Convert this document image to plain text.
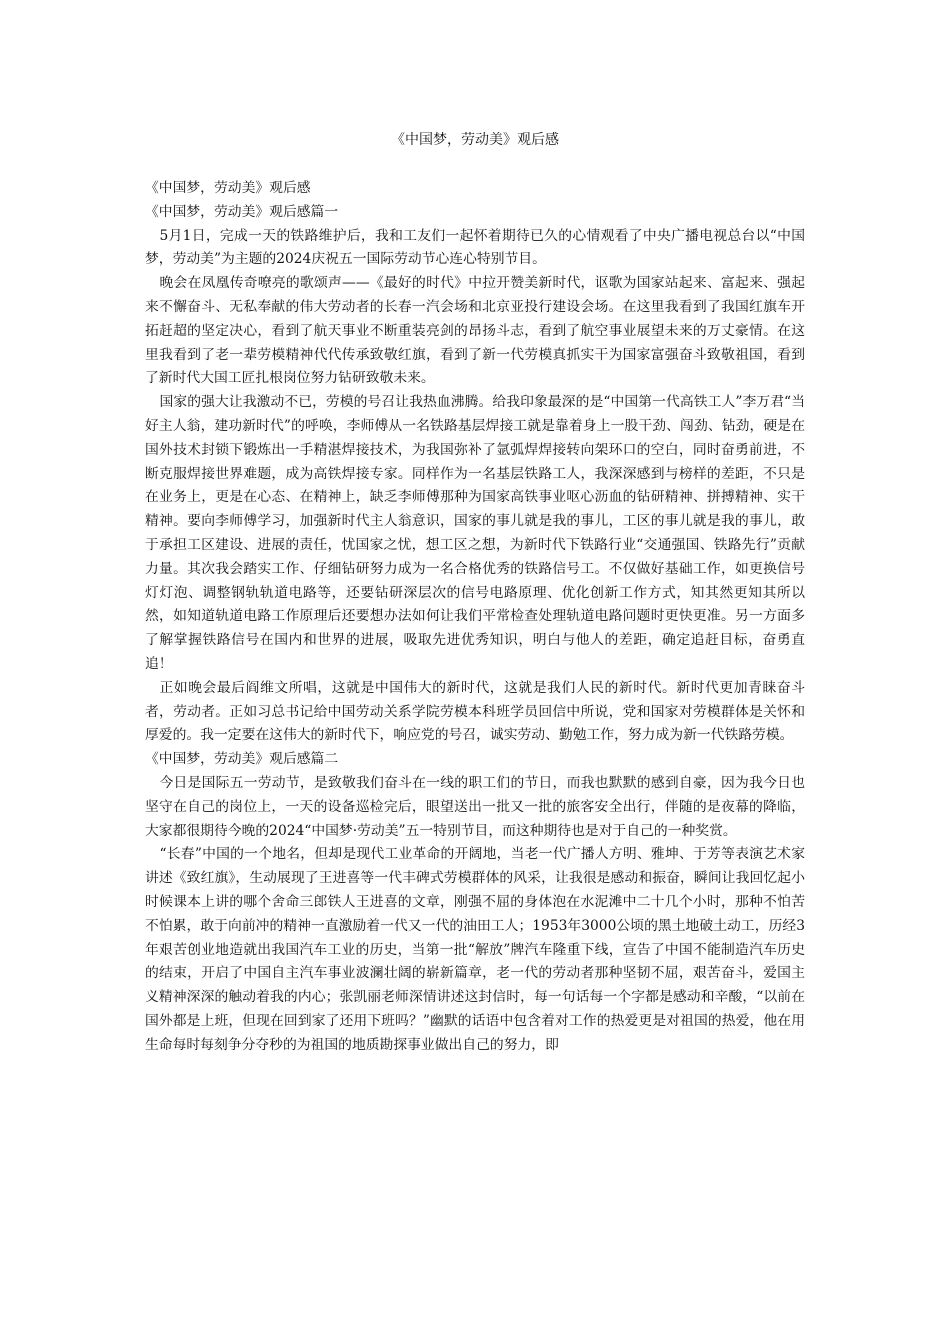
《中国梦，劳动美》观后感

《中国梦，劳动美》观后感

《中国梦，劳动美》观后感篇一

5月1日，完成一天的铁路维护后，我和工友们一起怀着期待已久的心情观看了中央广播电视总台以“中国梦，劳动美”为主题的2024庆祝五一国际劳动节心连心特别节目。

晚会在凤凰传奇嘹亮的歌颂声——《最好的时代》中拉开赞美新时代，讴歌为国家站起来、富起来、强起来不懈奋斗、无私奉献的伟大劳动者的长春一汽会场和北京亚投行建设会场。在这里我看到了我国红旗车开拓赶超的坚定决心，看到了航天事业不断重装亮剑的昂扬斗志，看到了航空事业展望未来的万丈豪情。在这里我看到了老一辈劳模精神代代传承致敬红旗，看到了新一代劳模真抓实干为国家富强奋斗致敬祖国，看到了新时代大国工匠扎根岗位努力钻研致敬未来。

国家的强大让我激动不已，劳模的号召让我热血沸腾。给我印象最深的是“中国第一代高铁工人”李万君“当好主人翁，建功新时代”的呼唤，李师傅从一名铁路基层焊接工就是靠着身上一股干劲、闯劲、钻劲，硬是在国外技术封锁下锻炼出一手精湛焊接技术，为我国弥补了氩弧焊焊接转向架环口的空白，同时奋勇前进，不断克服焊接世界难题，成为高铁焊接专家。同样作为一名基层铁路工人，我深深感到与榜样的差距，不只是在业务上，更是在心态、在精神上，缺乏李师傅那种为国家高铁事业呕心沥血的钻研精神、拼搏精神、实干精神。要向李师傅学习，加强新时代主人翁意识，国家的事儿就是我的事儿，工区的事儿就是我的事儿，敢于承担工区建设、进展的责任，忧国家之忧，想工区之想，为新时代下铁路行业“交通强国、铁路先行”贡献力量。其次我会踏实工作、仔细钻研努力成为一名合格优秀的铁路信号工。不仅做好基础工作，如更换信号灯灯泡、调整钢轨轨道电路等，还要钻研深层次的信号电路原理、优化创新工作方式，知其然更知其所以然，如知道轨道电路工作原理后还要想办法如何让我们平常检查处理轨道电路问题时更快更准。另一方面多了解掌握铁路信号在国内和世界的进展，吸取先进优秀知识，明白与他人的差距，确定追赶目标，奋勇直追！

正如晚会最后阎维文所唱，这就是中国伟大的新时代，这就是我们人民的新时代。新时代更加青睐奋斗者，劳动者。正如习总书记给中国劳动关系学院劳模本科班学员回信中所说，党和国家对劳模群体是关怀和厚爱的。我一定要在这伟大的新时代下，响应党的号召，诚实劳动、勤勉工作，努力成为新一代铁路劳模。

《中国梦，劳动美》观后感篇二

今日是国际五一劳动节，是致敬我们奋斗在一线的职工们的节日，而我也默默的感到自豪，因为我今日也坚守在自己的岗位上，一天的设备巡检完后，眼望送出一批又一批的旅客安全出行，伴随的是夜幕的降临，大家都很期待今晚的2024“中国梦·劳动美”五一特别节目，而这种期待也是对于自己的一种奖赏。

“长春”中国的一个地名，但却是现代工业革命的开阔地，当老一代广播人方明、雅坤、于芳等表演艺术家讲述《致红旗》，生动展现了王进喜等一代丰碑式劳模群体的风采，让我很是感动和振奋，瞬间让我回忆起小时候课本上讲的哪个舍命三郎铁人王进喜的文章，刚强不屈的身体泡在水泥滩中二十几个小时，那种不怕苦不怕累，敢于向前冲的精神一直激励着一代又一代的油田工人；1953年3000公顷的黑土地破土动工，历经3年艰苦创业地造就出我国汽车工业的历史，当第一批“解放”牌汽车隆重下线，宣告了中国不能制造汽车历史的结束，开启了中国自主汽车事业波澜壮阔的崭新篇章，老一代的劳动者那种坚韧不屈，艰苦奋斗，爱国主义精神深深的触动着我的内心；张凯丽老师深情讲述这封信时，每一句话每一个字都是感动和辛酸，“以前在国外都是上班，但现在回到家了还用下班吗？”幽默的话语中包含着对工作的热爱更是对祖国的热爱，他在用生命每时每刻争分夺秒的为祖国的地质勘探事业做出自己的努力，即
